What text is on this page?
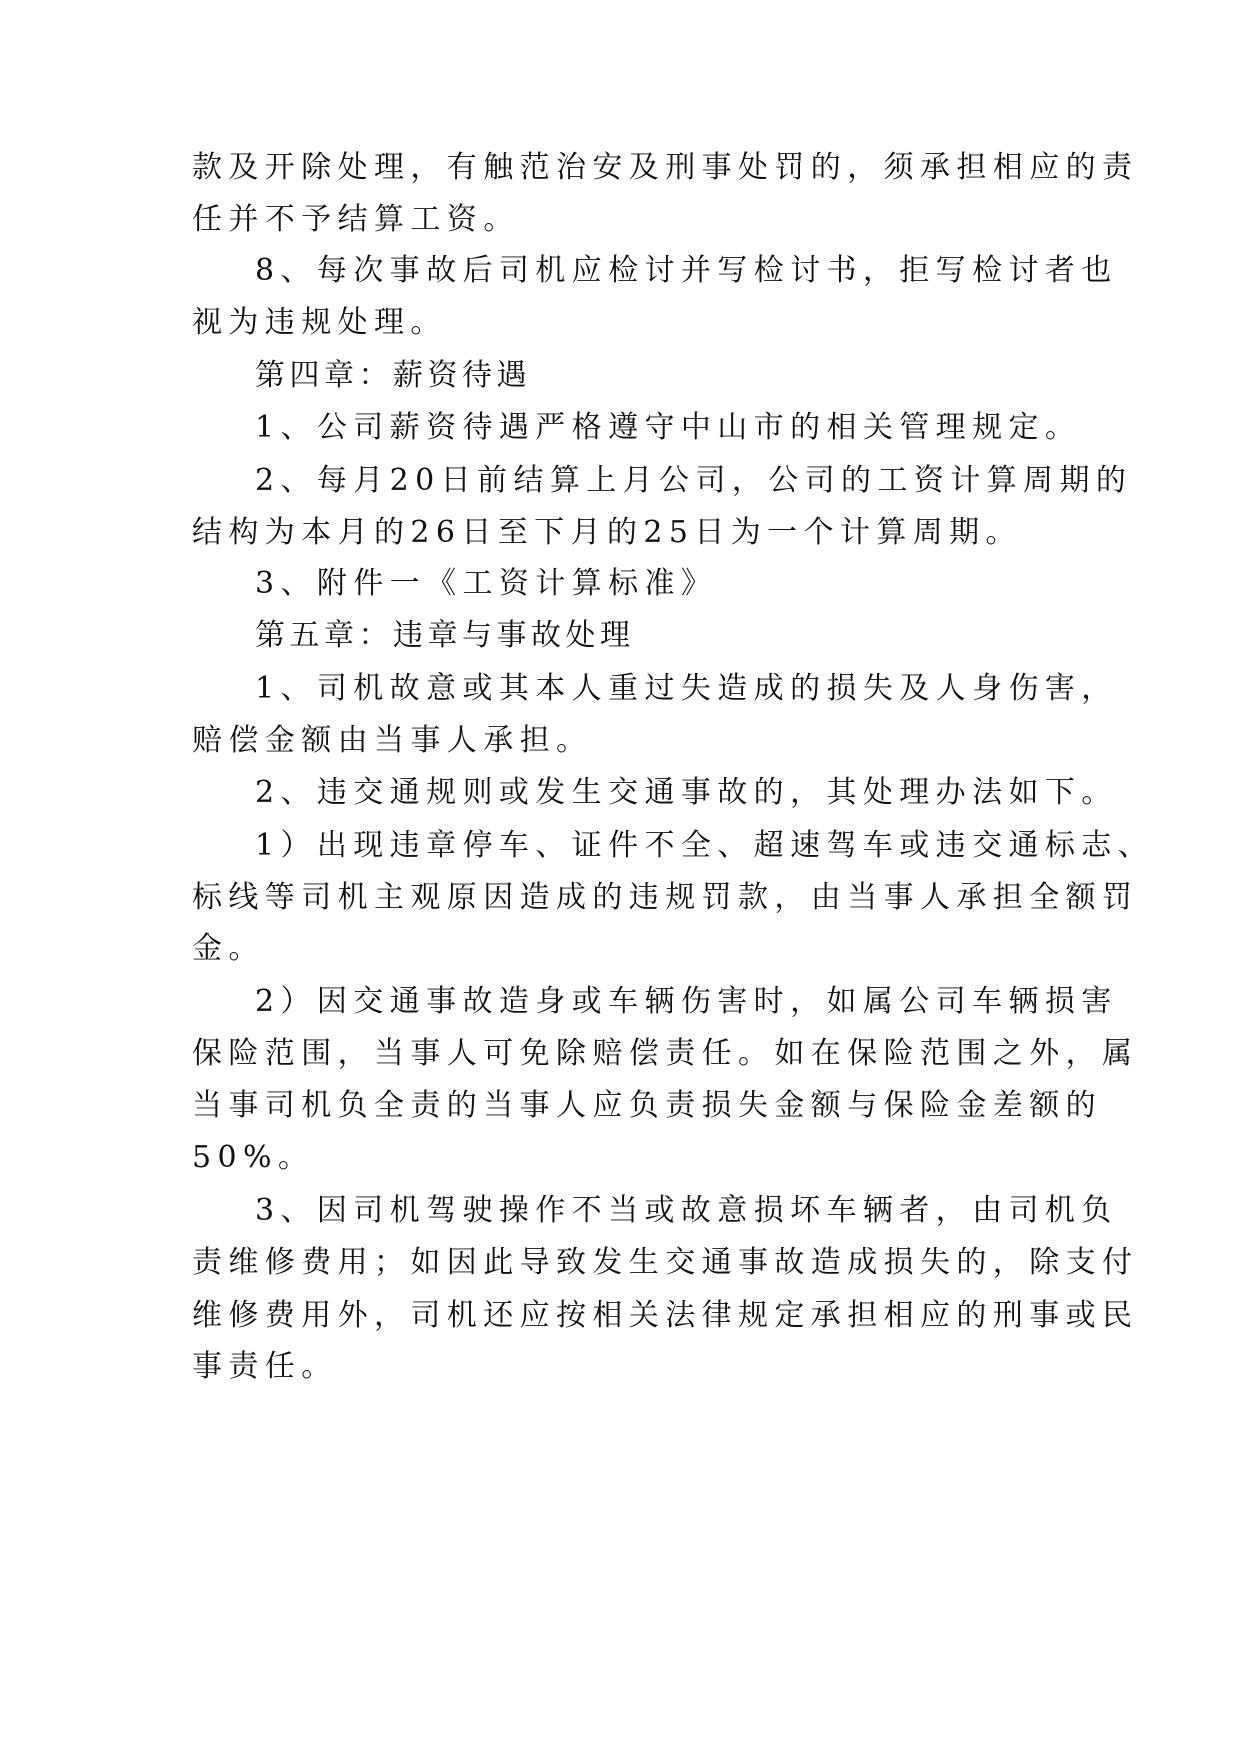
款及开除处理，有触范治安及刑事处罚的，须承担相应的责
任并不予结算工资。
8、每次事故后司机应检讨并写检讨书，拒写检讨者也
视为违规处理。
第四章：薪资待遇
1、公司薪资待遇严格遵守中山市的相关管理规定。
2、每月20日前结算上月公司，公司的工资计算周期的
结构为本月的26日至下月的25日为一个计算周期。
3、附件一《工资计算标准》
第五章：违章与事故处理
1、司机故意或其本人重过失造成的损失及人身伤害，
赔偿金额由当事人承担。
2、违交通规则或发生交通事故的，其处理办法如下。
1）出现违章停车、证件不全、超速驾车或违交通标志、
标线等司机主观原因造成的违规罚款，由当事人承担全额罚
金。
2）因交通事故造身或车辆伤害时，如属公司车辆损害
保险范围，当事人可免除赔偿责任。如在保险范围之外，属
当事司机负全责的当事人应负责损失金额与保险金差额的
50%。
3、因司机驾驶操作不当或故意损坏车辆者，由司机负
责维修费用；如因此导致发生交通事故造成损失的，除支付
维修费用外，司机还应按相关法律规定承担相应的刑事或民
事责任。
